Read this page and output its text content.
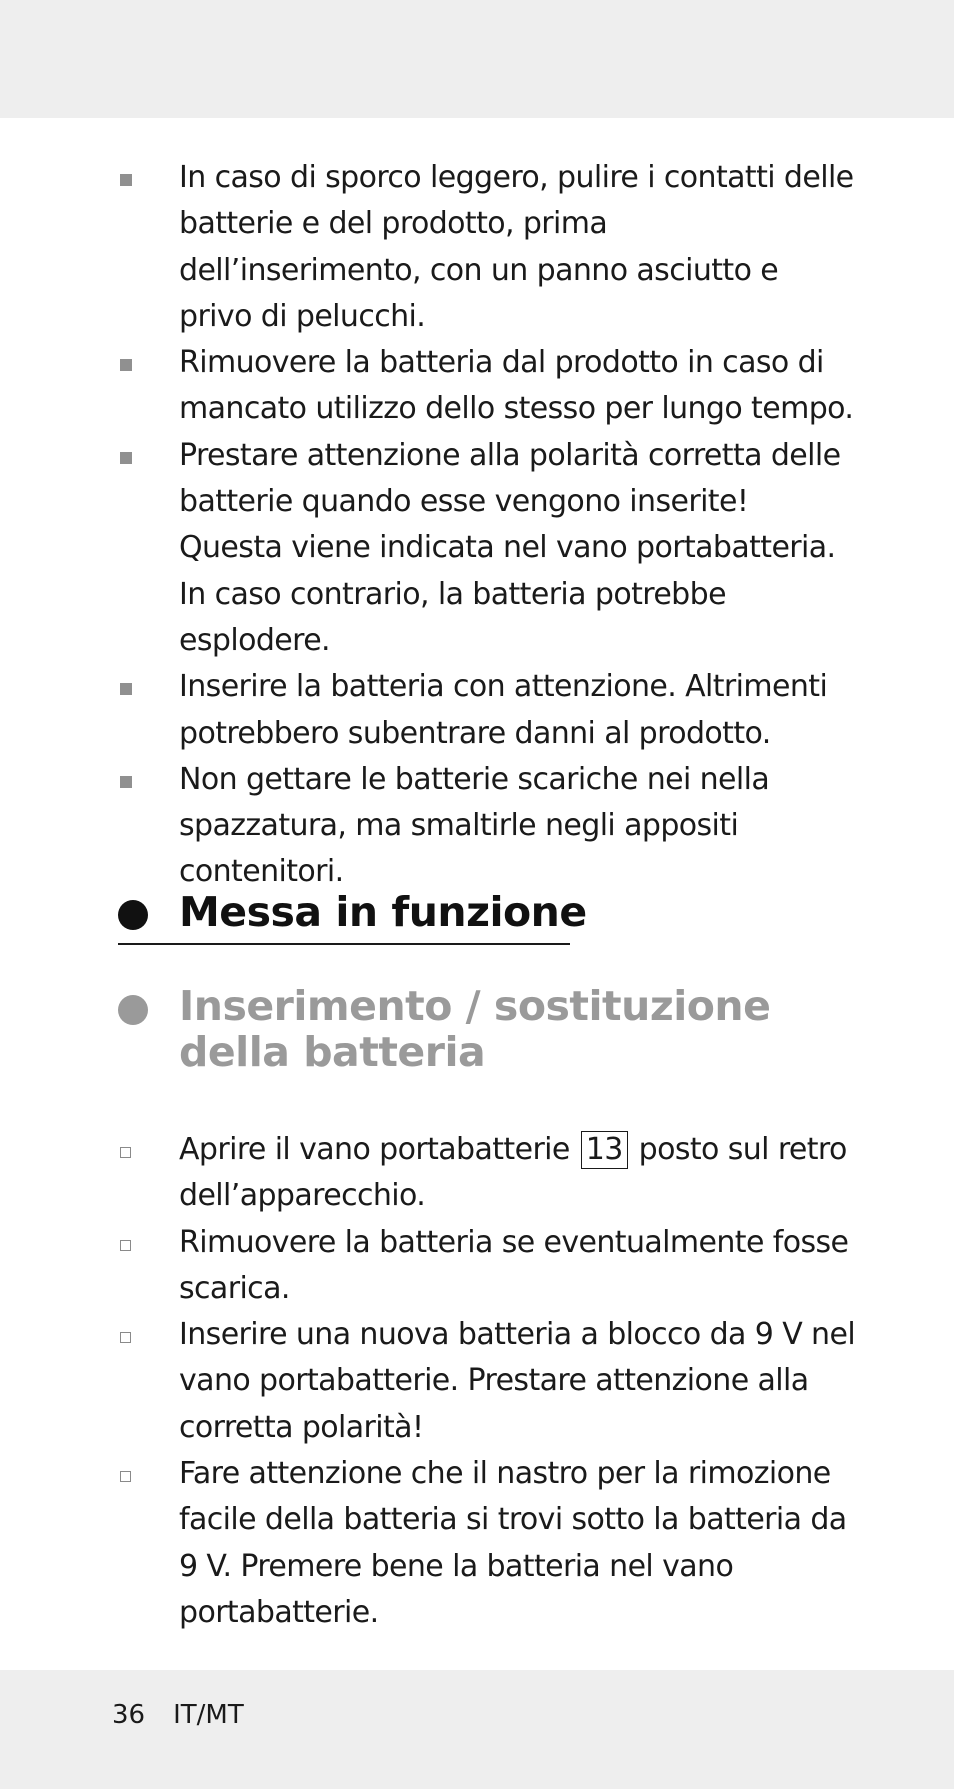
In caso di sporco leggero, pulire i contatti delle batterie e del prodotto, prima dell’inserimento, con un panno asciutto e privo di pelucchi.
Rimuovere la batteria dal prodotto in caso di mancato utilizzo dello stesso per lungo tempo.
Prestare attenzione alla polarità corretta delle batterie quando esse vengono inserite! Questa viene indicata nel vano portabatteria. In caso contrario, la batteria potrebbe esplodere.
Inserire la batteria con attenzione. Altrimenti potrebbero subentrare danni al prodotto.
Non gettare le batterie scariche nei nella spazzatura, ma smaltirle negli appositi contenitori.
Messa in funzione
Inserimento / sostituzione
della batteria
Aprire il vano portabatterie 13 posto sul retro dell’apparecchio.
Rimuovere la batteria se eventualmente fosse scarica.
Inserire una nuova batteria a blocco da 9 V nel vano portabatterie. Prestare attenzione alla corretta polarità!
Fare attenzione che il nastro per la rimozione facile della batteria si trovi sotto la batteria da 9 V. Premere bene la batteria nel vano portabatterie.
36 IT/MT
